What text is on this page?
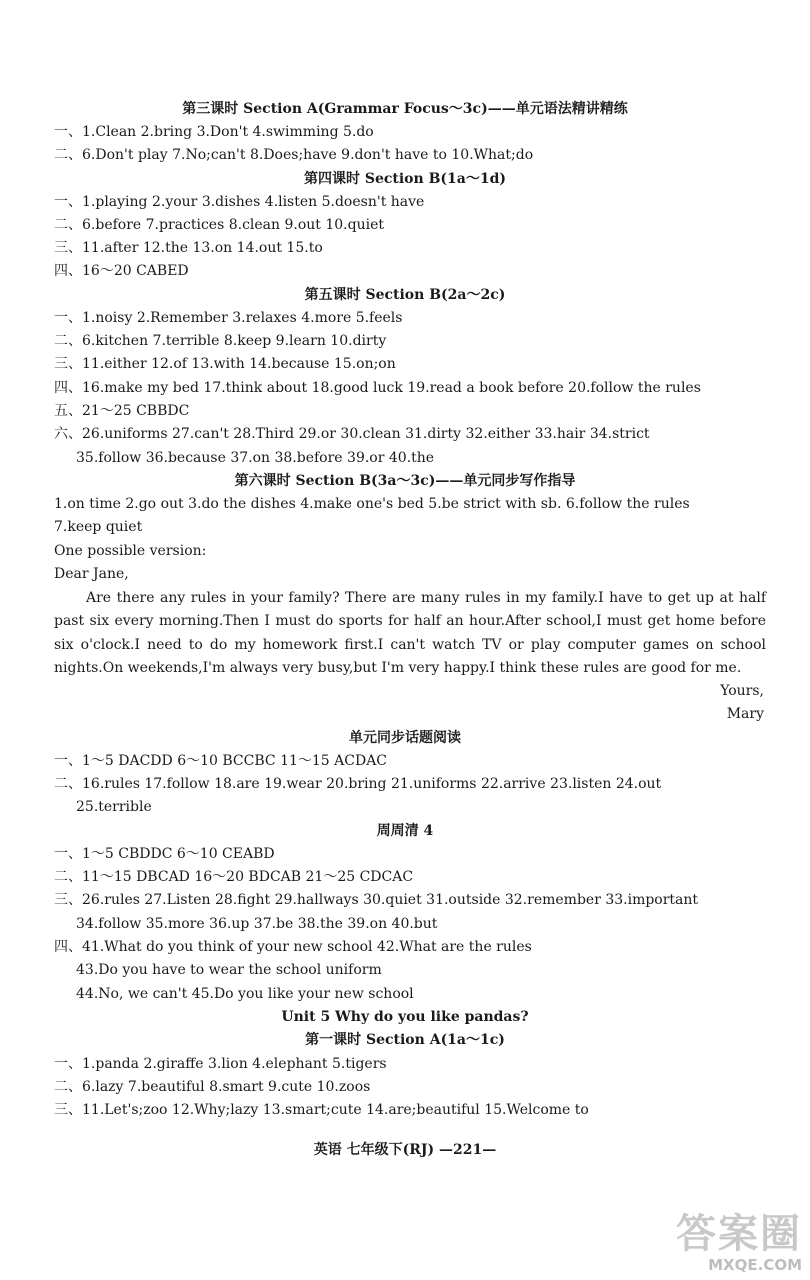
第三课时 Section A(Grammar Focus～3c)——单元语法精讲精练
一、1.Clean 2.bring 3.Don't 4.swimming 5.do
二、6.Don't play 7.No;can't 8.Does;have 9.don't have to 10.What;do
第四课时 Section B(1a～1d)
一、1.playing 2.your 3.dishes 4.listen 5.doesn't have
二、6.before 7.practices 8.clean 9.out 10.quiet
三、11.after 12.the 13.on 14.out 15.to
四、16～20 CABED
第五课时 Section B(2a～2c)
一、1.noisy 2.Remember 3.relaxes 4.more 5.feels
二、6.kitchen 7.terrible 8.keep 9.learn 10.dirty
三、11.either 12.of 13.with 14.because 15.on;on
四、16.make my bed 17.think about 18.good luck 19.read a book before 20.follow the rules
五、21～25 CBBDC
六、26.uniforms 27.can't 28.Third 29.or 30.clean 31.dirty 32.either 33.hair 34.strict
35.follow 36.because 37.on 38.before 39.or 40.the
第六课时 Section B(3a～3c)——单元同步写作指导
1.on time 2.go out 3.do the dishes 4.make one's bed 5.be strict with sb. 6.follow the rules
7.keep quiet
One possible version:
Dear Jane,
Are there any rules in your family? There are many rules in my family.I have to get up at half past six every morning.Then I must do sports for half an hour.After school,I must get home before six o'clock.I need to do my homework first.I can't watch TV or play computer games on school nights.On weekends,I'm always very busy,but I'm very happy.I think these rules are good for me.
Yours,
Mary
单元同步话题阅读
一、1～5 DACDD 6～10 BCCBC 11～15 ACDAC
二、16.rules 17.follow 18.are 19.wear 20.bring 21.uniforms 22.arrive 23.listen 24.out
25.terrible
周周清 4
一、1～5 CBDDC 6～10 CEABD
二、11～15 DBCAD 16～20 BDCAB 21～25 CDCAC
三、26.rules 27.Listen 28.fight 29.hallways 30.quiet 31.outside 32.remember 33.important
34.follow 35.more 36.up 37.be 38.the 39.on 40.but
四、41.What do you think of your new school 42.What are the rules
43.Do you have to wear the school uniform
44.No, we can't 45.Do you like your new school
Unit 5 Why do you like pandas?
第一课时 Section A(1a～1c)
一、1.panda 2.giraffe 3.lion 4.elephant 5.tigers
二、6.lazy 7.beautiful 8.smart 9.cute 10.zoos
三、11.Let's;zoo 12.Why;lazy 13.smart;cute 14.are;beautiful 15.Welcome to
英语 七年级下(RJ) —221—
答案圈
MXQE.COM
